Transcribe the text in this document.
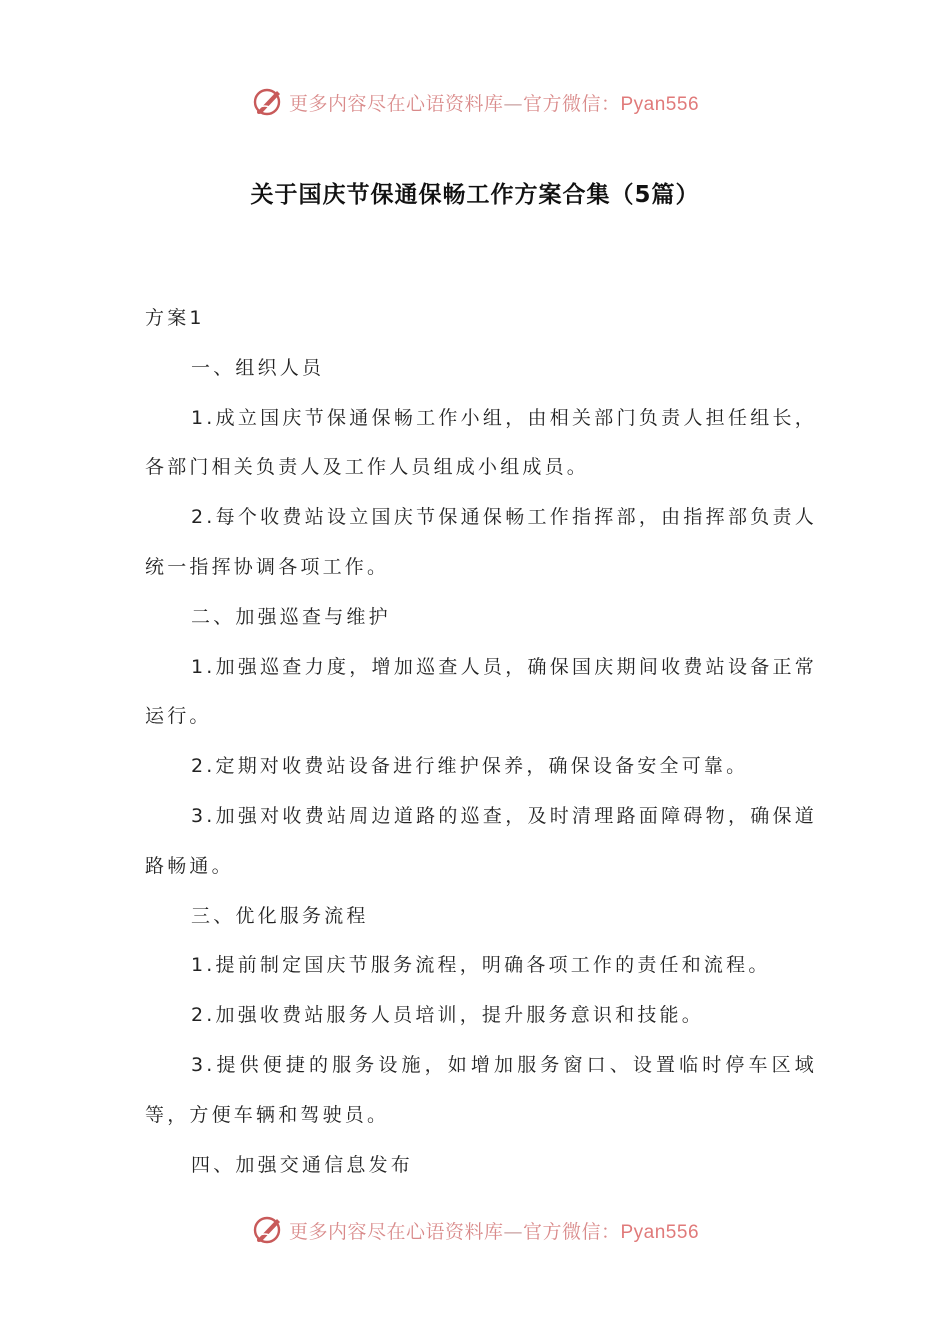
更多内容尽在心语资料库—官方微信：Pyan556
关于国庆节保通保畅工作方案合集（5篇）

方案1

一、组织人员

1.成立国庆节保通保畅工作小组，由相关部门负责人担任组长，各部门相关负责人及工作人员组成小组成员。

2.每个收费站设立国庆节保通保畅工作指挥部，由指挥部负责人统一指挥协调各项工作。

二、加强巡查与维护

1.加强巡查力度，增加巡查人员，确保国庆期间收费站设备正常运行。

2.定期对收费站设备进行维护保养，确保设备安全可靠。

3.加强对收费站周边道路的巡查，及时清理路面障碍物，确保道路畅通。

三、优化服务流程

1.提前制定国庆节服务流程，明确各项工作的责任和流程。

2.加强收费站服务人员培训，提升服务意识和技能。

3.提供便捷的服务设施，如增加服务窗口、设置临时停车区域等，方便车辆和驾驶员。

四、加强交通信息发布

更多内容尽在心语资料库—官方微信：Pyan556
